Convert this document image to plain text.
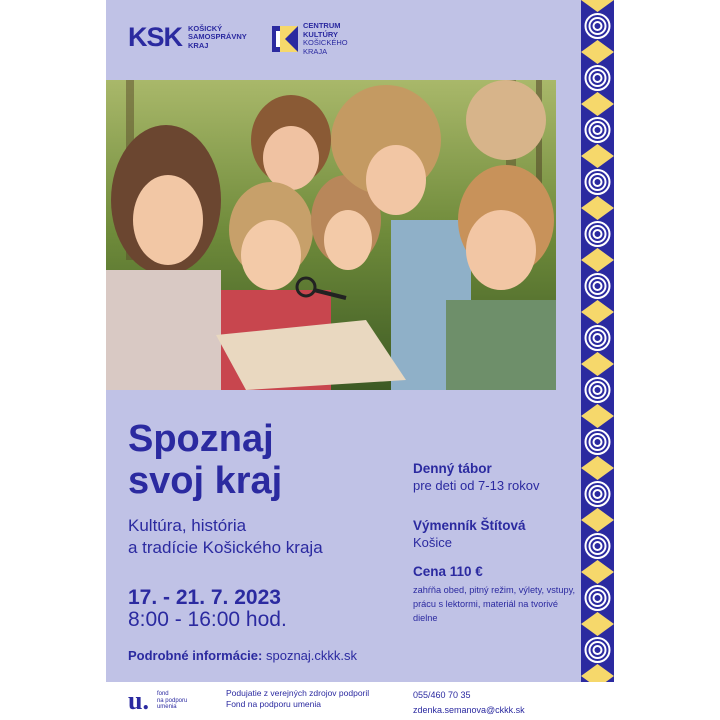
KSK KOŠICKÝ
SAMOSPRÁVNY
KRAJ
CENTRUM
KULTÚRY
KOŠICKÉHO
KRAJA
Spoznaj
svoj kraj
Kultúra, história
a tradície Košického kraja
17. - 21. 7. 2023
8:00 - 16:00 hod.
Podrobné informácie: spoznaj.ckkk.sk
Denný tábor
pre deti od 7-13 rokov
Výmenník Štítová
Košice
Cena 110 €
zahŕňa obed, pitný režim, výlety, vstupy, prácu s lektormi, materiál na tvorivé dielne
u. fond
na podporu
umenia
Podujatie z verejných zdrojov podporil
Fond na podporu umenia
055/460 70 35
zdenka.semanova@ckkk.sk
